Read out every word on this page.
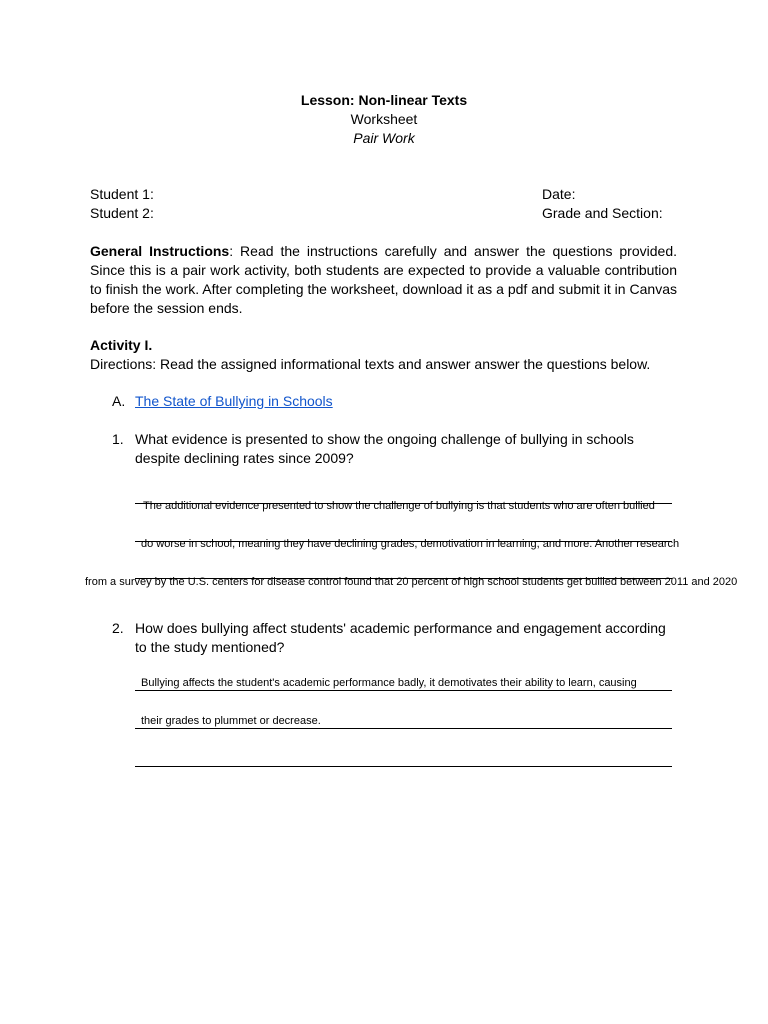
Lesson: Non-linear Texts
Worksheet
Pair Work
Student 1:
Student 2:
Date:
Grade and Section:
General Instructions: Read the instructions carefully and answer the questions provided. Since this is a pair work activity, both students are expected to provide a valuable contribution to finish the work. After completing the worksheet, download it as a pdf and submit it in Canvas before the session ends.
Activity I.
Directions: Read the assigned informational texts and answer answer the questions below.
A. The State of Bullying in Schools
1. What evidence is presented to show the ongoing challenge of bullying in schools despite declining rates since 2009?
The additional evidence presented to show the challenge of bullying is that students who are often bullied
do worse in school, meaning they have declining grades, demotivation in learning, and more. Another research
from a survey by the U.S. centers for disease control found that 20 percent of high school students get bullied between 2011 and 2020
2. How does bullying affect students' academic performance and engagement according to the study mentioned?
Bullying affects the student's academic performance badly, it demotivates their ability to learn, causing
their grades to plummet or decrease.
